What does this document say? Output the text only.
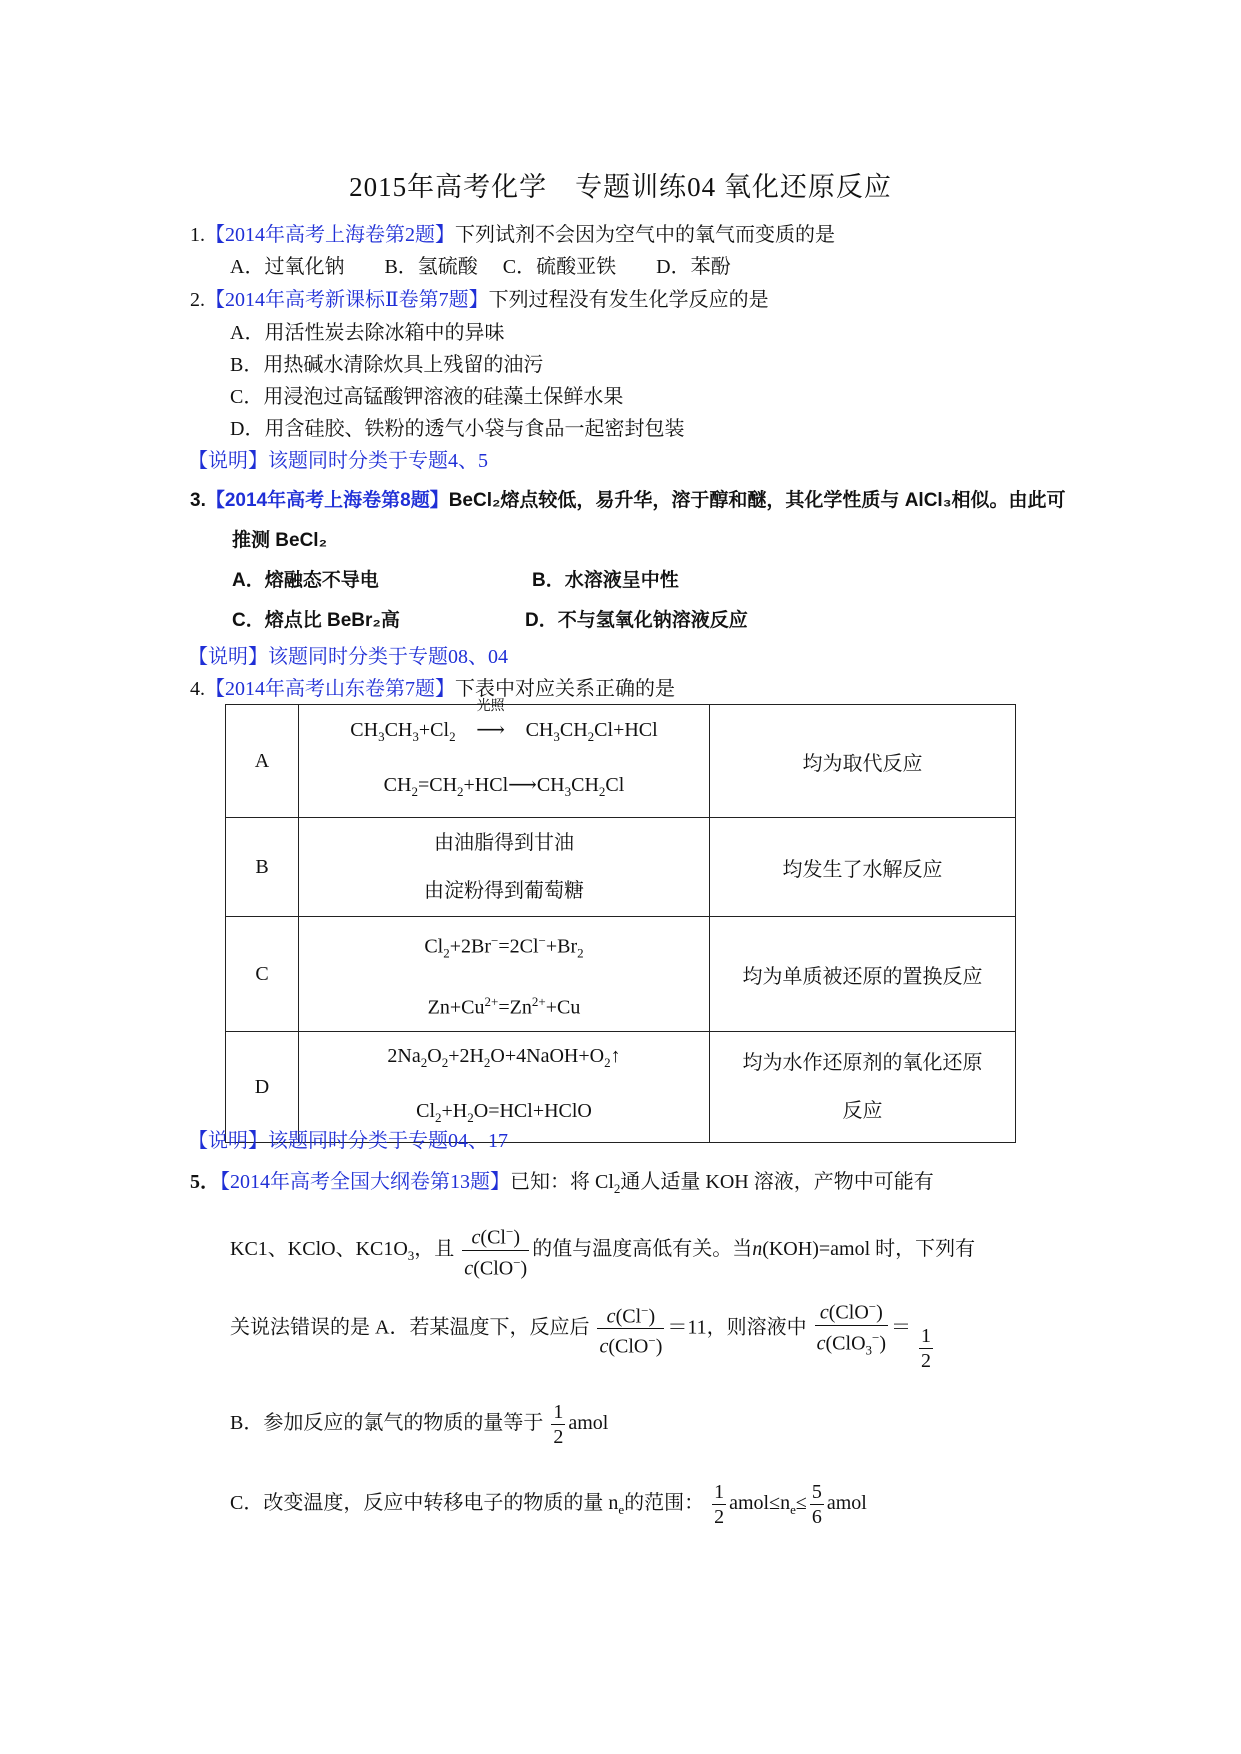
2015年高考化学　专题训练04 氧化还原反应
1.【2014年高考上海卷第2题】下列试剂不会因为空气中的氧气而变质的是
A．过氧化钠　　B．氢硫酸　 C．硫酸亚铁　　D．苯酚
2.【2014年高考新课标Ⅱ卷第7题】下列过程没有发生化学反应的是
A．用活性炭去除冰箱中的异味
B．用热碱水清除炊具上残留的油污
C．用浸泡过高锰酸钾溶液的硅藻土保鲜水果
D．用含硅胶、铁粉的透气小袋与食品一起密封包装
【说明】该题同时分类于专题4、5
3.【2014年高考上海卷第8题】BeCl₂熔点较低，易升华，溶于醇和醚，其化学性质与 AlCl₃相似。由此可
推测 BeCl₂
A．熔融态不导电	B．水溶液呈中性
C．熔点比 BeBr₂高	D．不与氢氧化钠溶液反应
【说明】该题同时分类于专题08、04
4.【2014年高考山东卷第7题】下表中对应关系正确的是
A	$CH_3CH_3+Cl_2$
光照
⟶ $CH_3CH_2Cl+HCl$
$CH_2=CH_2+HCl⟶CH_3CH_2Cl$	均为取代反应
B	由油脂得到甘油
由淀粉得到葡萄糖	均发生了水解反应
C	$Cl_2+2Br^-=2Cl^-+Br_2$
$Zn+Cu^{2+}=Zn^{2+}+Cu$	均为单质被还原的置换反应
D	$2Na_2O_2+2H_2O+4NaOH+O_2↑$
$Cl_2+H_2O=HCl+HClO$	均为水作还原剂的氧化还原
反应
【说明】该题同时分类于专题04、17
5．【2014年高考全国大纲卷第13题】已知：将 $Cl_2$通人适量 KOH 溶液，产物中可能有
KC1、KClO、$KC1O_3$，且 $\frac{c(Cl^-)}{c(ClO^-)}$ 的值与温度高低有关。当n(KOH)=amol 时，下列有
关说法错误的是 A．若某温度下，反应后 $\frac{c(Cl^-)}{c(ClO^-)} =11$，则溶液中 $\frac{c(ClO^-)}{c(ClO_3^-)} = \frac{1}{2}$
B．参加反应的氯气的物质的量等于 $\frac{1}{2}$ amol
C．改变温度，反应中转移电子的物质的量 $n_e$的范围： $\frac{1}{2}$ $amol\le n_e\le \frac{5}{6}$ amol
